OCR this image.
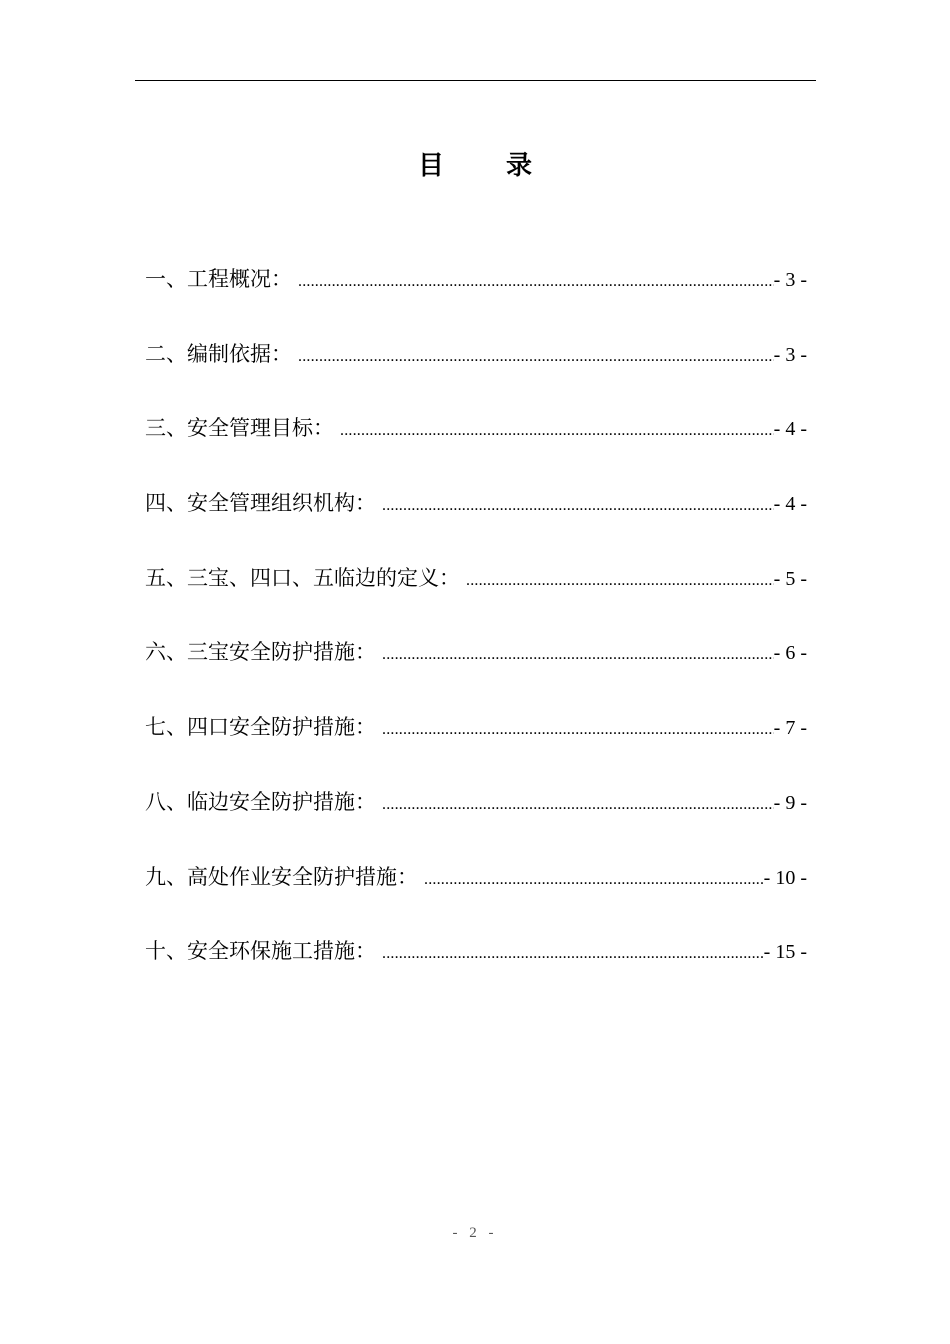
目 录
一、工程概况： .....	- 3 -
二、编制依据： .....	- 3 -
三、安全管理目标： .....	- 4 -
四、安全管理组织机构： .....	- 4 -
五、三宝、四口、五临边的定义： .....	- 5 -
六、三宝安全防护措施： .....	- 6 -
七、四口安全防护措施： .....	- 7 -
八、临边安全防护措施： .....	- 9 -
九、高处作业安全防护措施： .....	- 10 -
十、安全环保施工措施： .....	- 15 -
- 2 -
